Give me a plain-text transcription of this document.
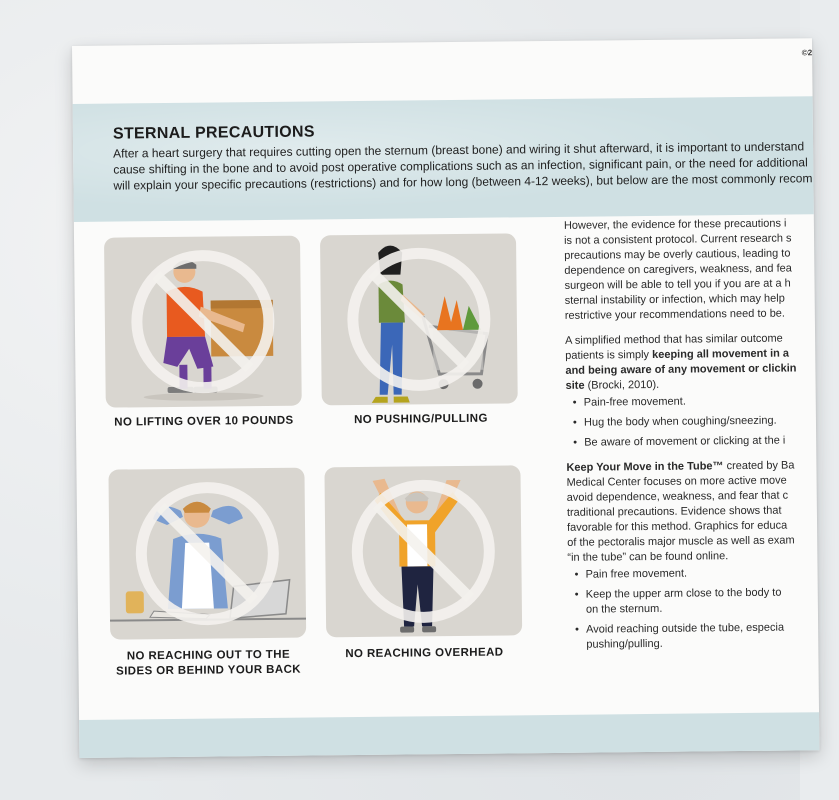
©2
STERNAL PRECAUTIONS
After a heart surgery that requires cutting open the sternum (breast bone) and wiring it shut afterward, it is important to understand
cause shifting in the bone and to avoid post operative complications such as an infection, significant pain, or the need for additional
will explain your specific precautions (restrictions) and for how long (between 4-12 weeks), but below are the most commonly recom
NO LIFTING OVER 10 POUNDS	NO PUSHING/PULLING
NO REACHING OUT TO THE
SIDES OR BEHIND YOUR BACK
NO REACHING OVERHEAD
However, the evidence for these precautions i
is not a consistent protocol. Current research s
precautions may be overly cautious, leading to
dependence on caregivers, weakness, and fea
surgeon will be able to tell you if you are at a h
sternal instability or infection, which may help
restrictive your recommendations need to be.
A simplified method that has similar outcome
patients is simply keeping all movement in a
and being aware of any movement or clickin
site (Brocki, 2010).
• Pain-free movement.
• Hug the body when coughing/sneezing.
• Be aware of movement or clicking at the i
Keep Your Move in the Tube™ created by Ba
Medical Center focuses on more active move
avoid dependence, weakness, and fear that c
traditional precautions. Evidence shows that
favorable for this method. Graphics for educa
of the pectoralis major muscle as well as exam
“in the tube” can be found online.
• Pain free movement.
• Keep the upper arm close to the body to
on the sternum.
• Avoid reaching outside the tube, especia
pushing/pulling.
